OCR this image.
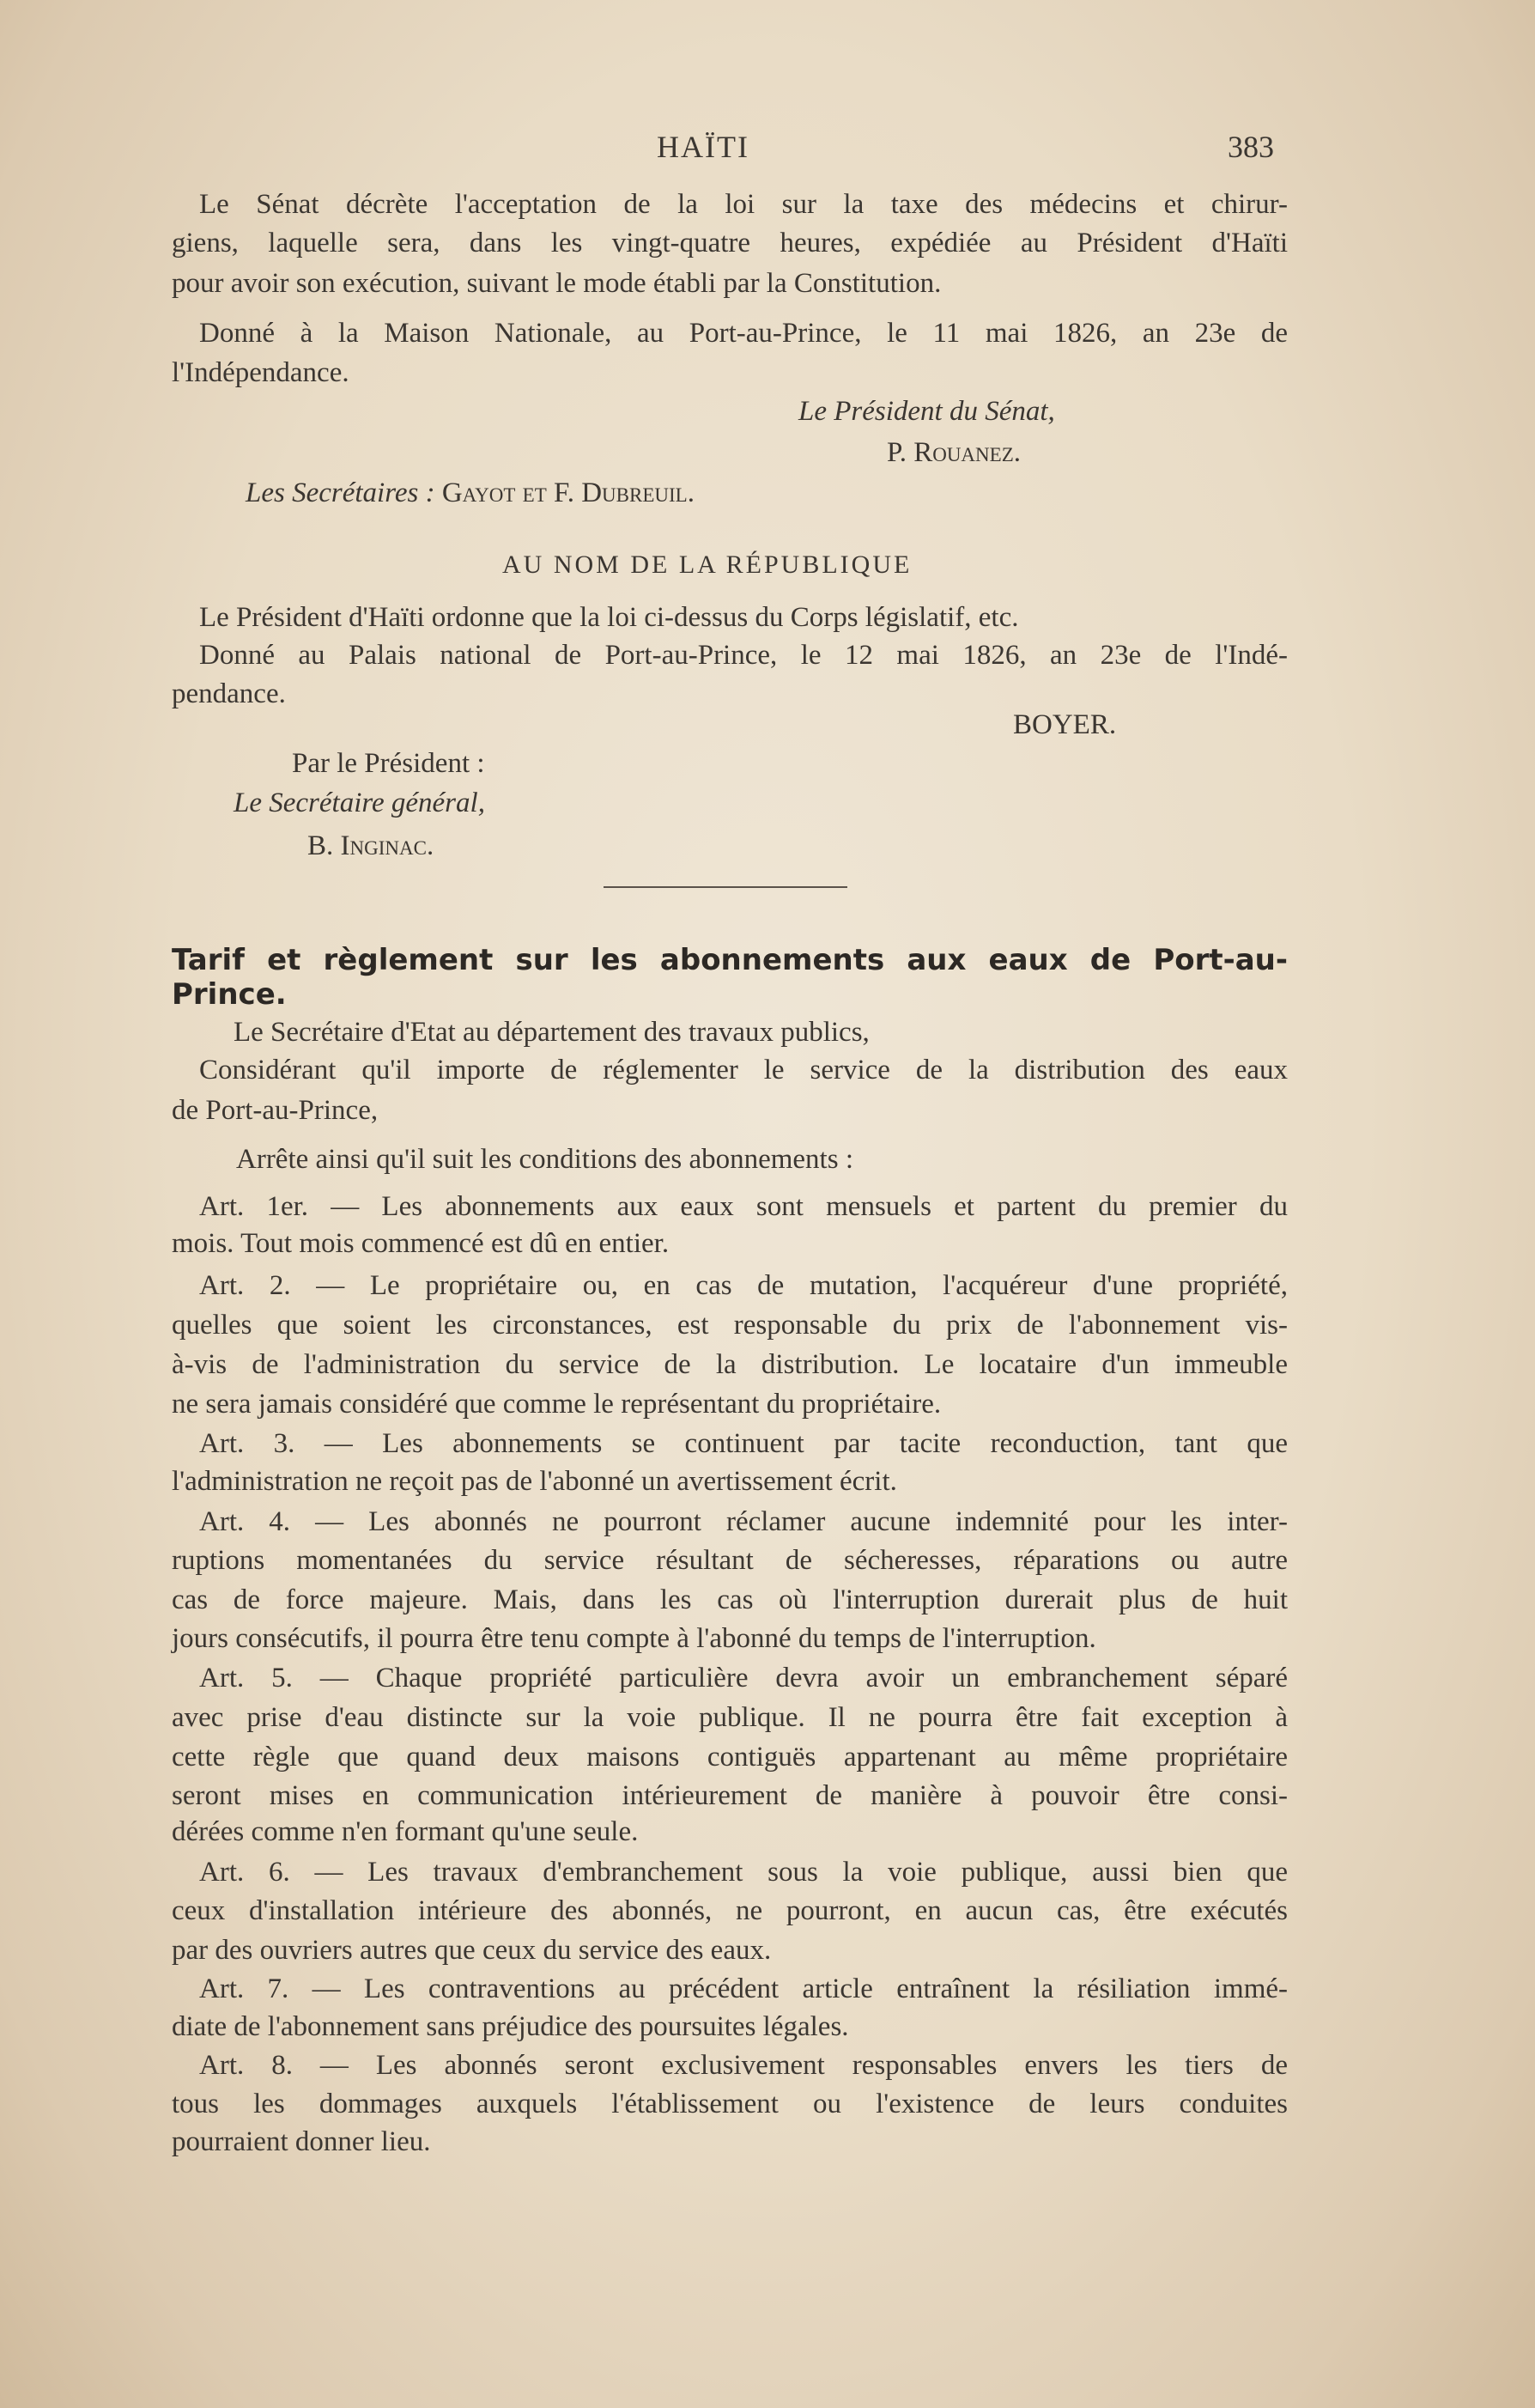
HAÏTI	383
Le Sénat décrète l'acceptation de la loi sur la taxe des médecins et chirur-
giens, laquelle sera, dans les vingt-quatre heures, expédiée au Président d'Haïti
pour avoir son exécution, suivant le mode établi par la Constitution.
Donné à la Maison Nationale, au Port-au-Prince, le 11 mai 1826, an 23e de
l'Indépendance.
Le Président du Sénat,
P. Rouanez.
Les Secrétaires : Gayot et F. Dubreuil.
AU NOM DE LA RÉPUBLIQUE
Le Président d'Haïti ordonne que la loi ci-dessus du Corps législatif, etc.
Donné au Palais national de Port-au-Prince, le 12 mai 1826, an 23e de l'Indé-
pendance.
BOYER.
Par le Président :
Le Secrétaire général,
B. Inginac.
Tarif et règlement sur les abonnements aux eaux de Port-au-Prince.
Le Secrétaire d'Etat au département des travaux publics,
Considérant qu'il importe de réglementer le service de la distribution des eaux
de Port-au-Prince,
Arrête ainsi qu'il suit les conditions des abonnements :
Art. 1er. — Les abonnements aux eaux sont mensuels et partent du premier du
mois. Tout mois commencé est dû en entier.
Art. 2. — Le propriétaire ou, en cas de mutation, l'acquéreur d'une propriété,
quelles que soient les circonstances, est responsable du prix de l'abonnement vis-
à-vis de l'administration du service de la distribution. Le locataire d'un immeuble
ne sera jamais considéré que comme le représentant du propriétaire.
Art. 3. — Les abonnements se continuent par tacite reconduction, tant que
l'administration ne reçoit pas de l'abonné un avertissement écrit.
Art. 4. — Les abonnés ne pourront réclamer aucune indemnité pour les inter-
ruptions momentanées du service résultant de sécheresses, réparations ou autre
cas de force majeure. Mais, dans les cas où l'interruption durerait plus de huit
jours consécutifs, il pourra être tenu compte à l'abonné du temps de l'interruption.
Art. 5. — Chaque propriété particulière devra avoir un embranchement séparé
avec prise d'eau distincte sur la voie publique. Il ne pourra être fait exception à
cette règle que quand deux maisons contiguës appartenant au même propriétaire
seront mises en communication intérieurement de manière à pouvoir être consi-
dérées comme n'en formant qu'une seule.
Art. 6. — Les travaux d'embranchement sous la voie publique, aussi bien que
ceux d'installation intérieure des abonnés, ne pourront, en aucun cas, être exécutés
par des ouvriers autres que ceux du service des eaux.
Art. 7. — Les contraventions au précédent article entraînent la résiliation immé-
diate de l'abonnement sans préjudice des poursuites légales.
Art. 8. — Les abonnés seront exclusivement responsables envers les tiers de
tous les dommages auxquels l'établissement ou l'existence de leurs conduites
pourraient donner lieu.
